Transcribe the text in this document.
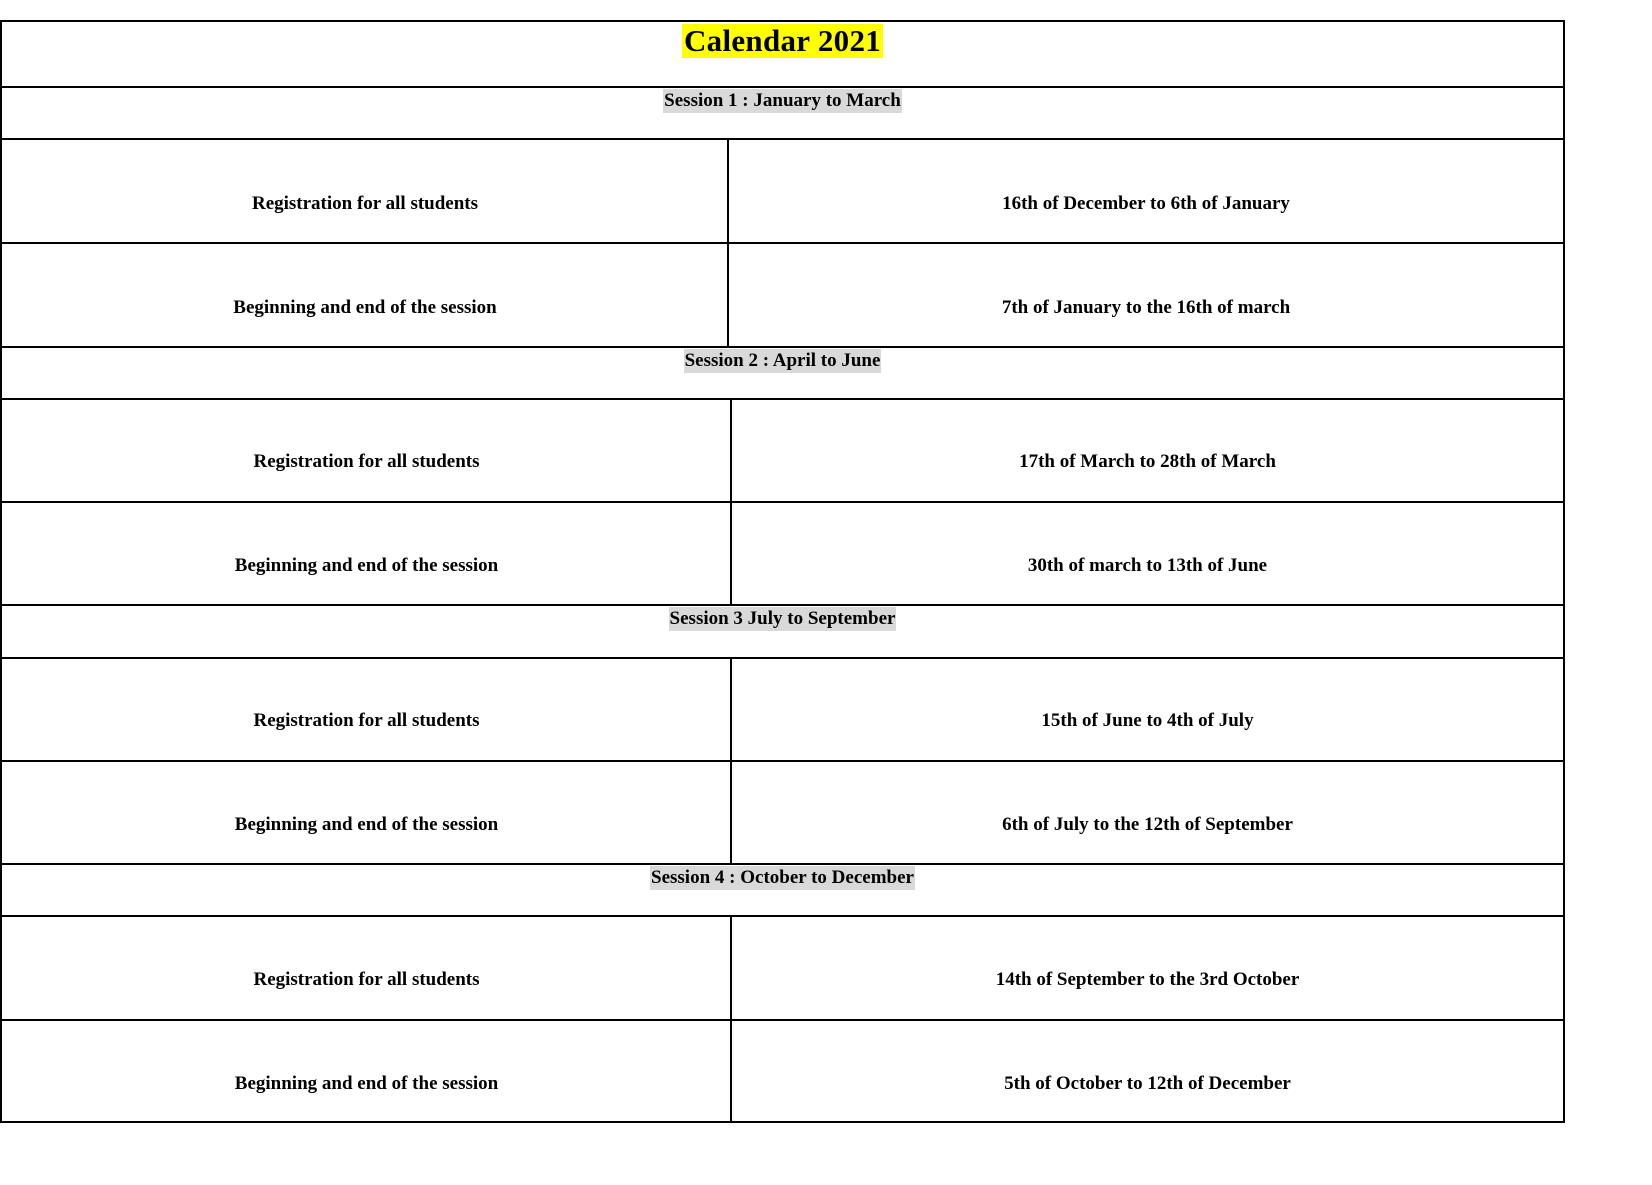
Calendar 2021
Session 1 : January to March
Registration for all students	16th of December to 6th of January
Beginning and end of the session	7th of January to the 16th of march
Session 2 : April to June
Registration for all students	17th of March to 28th of March
Beginning and end of the session	30th of march to 13th of June
Session 3 July to September
Registration for all students	15th of June to 4th of July
Beginning and end of the session	6th of July to the 12th of September
Session 4 : October to December
Registration for all students	14th of September to the 3rd October
Beginning and end of the session	5th of October to 12th of December
